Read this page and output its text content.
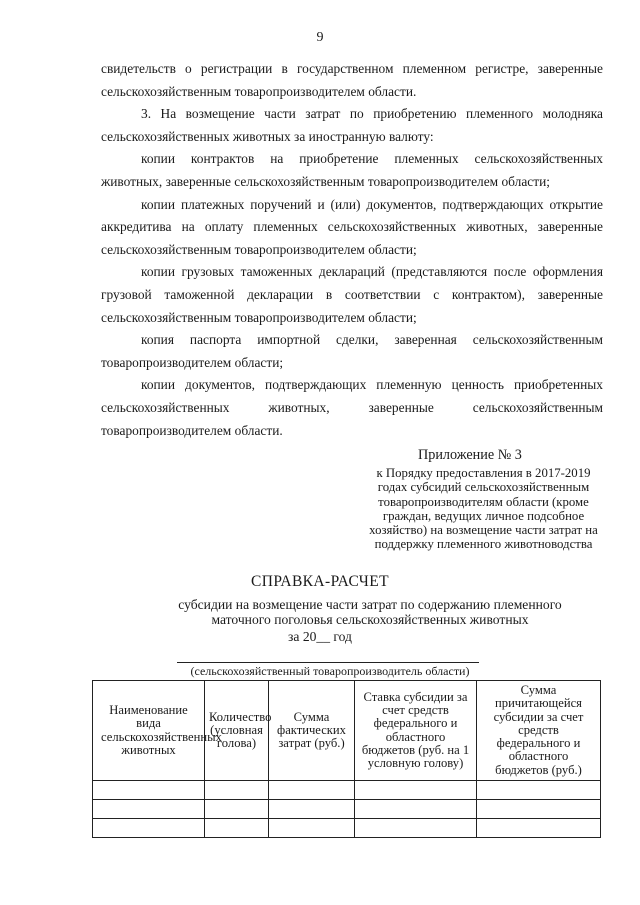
9

свидетельств о регистрации в государственном племенном регистре, заверенные сельскохозяйственным товаропроизводителем области.

3. На возмещение части затрат по приобретению племенного молодняка сельскохозяйственных животных за иностранную валюту:

копии контрактов на приобретение племенных сельскохозяйственных животных, заверенные сельскохозяйственным товаропроизводителем области;

копии платежных поручений и (или) документов, подтверждающих открытие аккредитива на оплату племенных сельскохозяйственных животных, заверенные сельскохозяйственным товаропроизводителем области;

копии грузовых таможенных деклараций (представляются после оформления грузовой таможенной декларации в соответствии с контрактом), заверенные сельскохозяйственным товаропроизводителем области;

копия паспорта импортной сделки, заверенная сельскохозяйственным товаропроизводителем области;

копии документов, подтверждающих племенную ценность приобретенных сельскохозяйственных животных, заверенные сельскохозяйственным товаропроизводителем области.

Приложение № 3
к Порядку предоставления в 2017-2019 годах субсидий сельскохозяйственным товаропроизводителям области (кроме граждан, ведущих личное подсобное хозяйство) на возмещение части затрат на поддержку племенного животноводства
СПРАВКА-РАСЧЕТ
субсидии на возмещение части затрат по содержанию племенного маточного поголовья сельскохозяйственных животных
за 20__ год
(сельскохозяйственный товаропроизводитель области)
Наименование вида сельскохозяйственных животных	Количество (условная голова)	Сумма фактических затрат (руб.)	Ставка субсидии за счет средств федерального и областного бюджетов (руб. на 1 условную голову)	Сумма причитающейся субсидии за счет средств федерального и областного бюджетов (руб.)
